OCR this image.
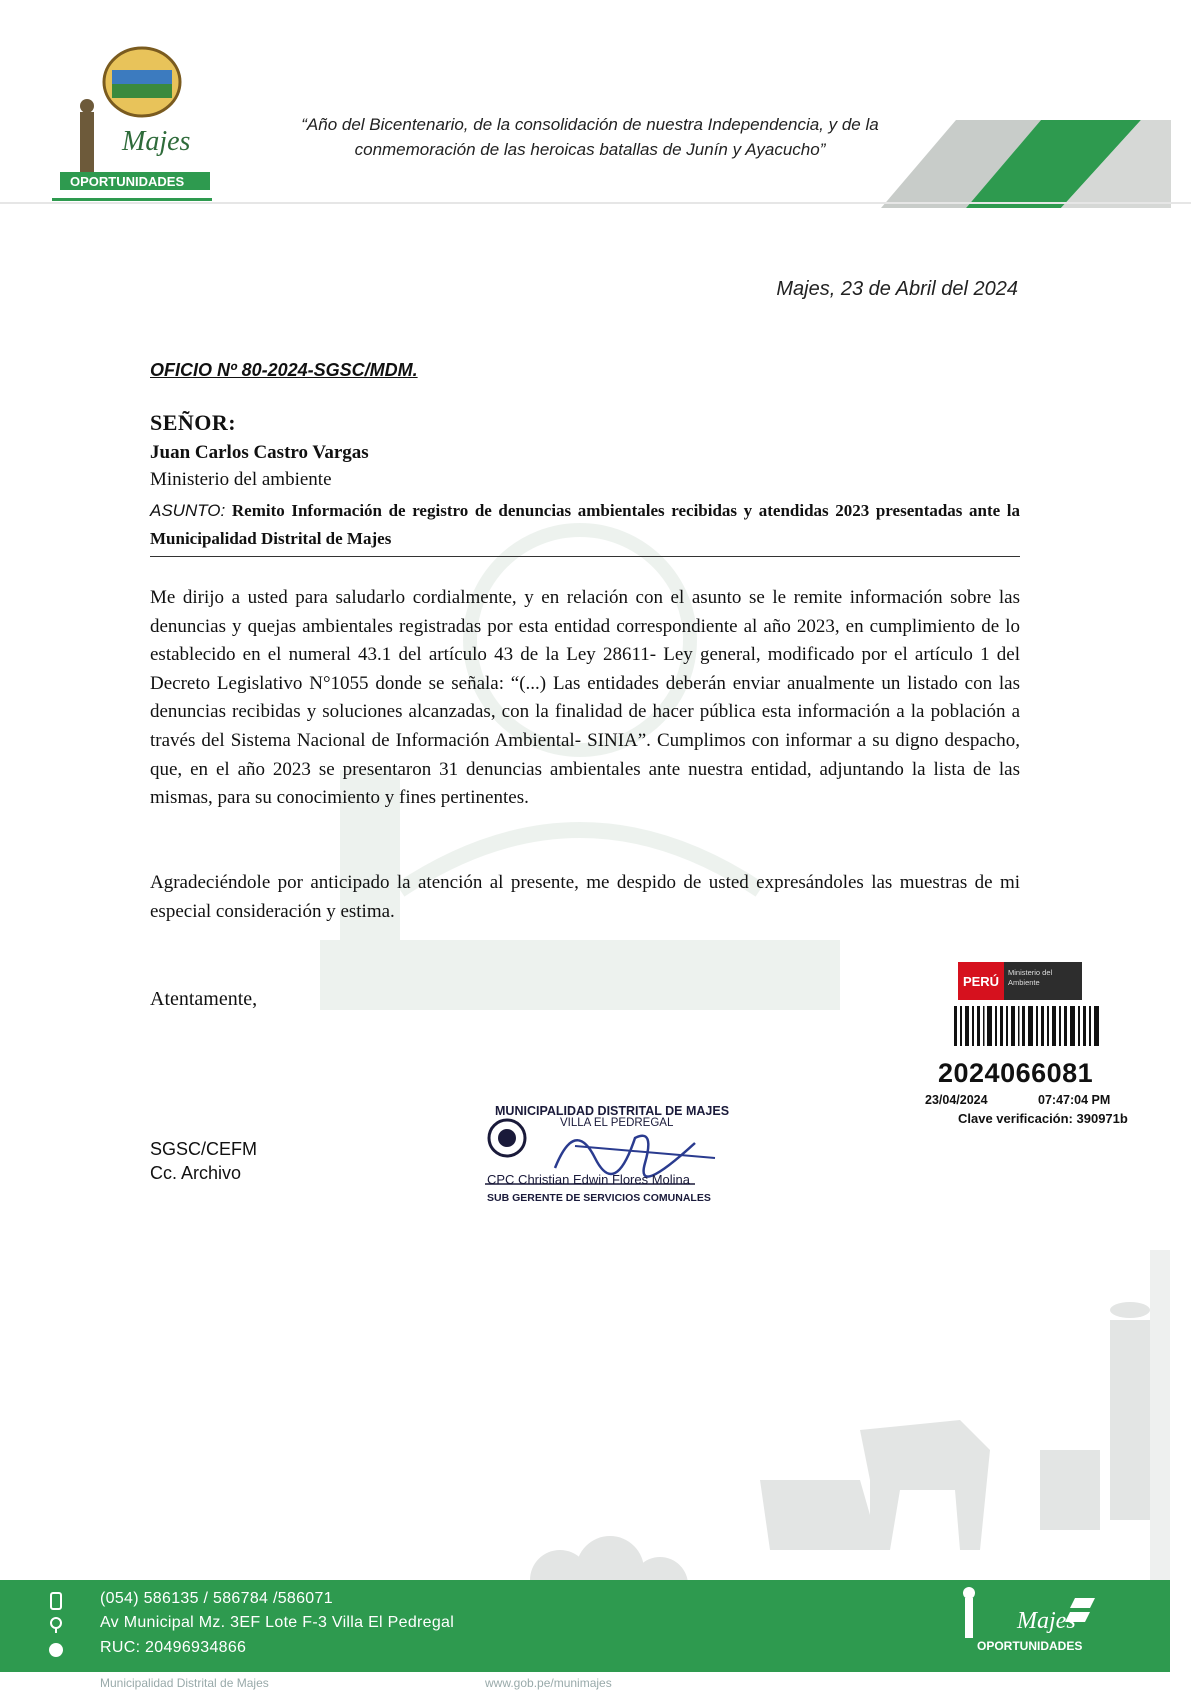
Majes
OPORTUNIDADES
“Año del Bicentenario, de la consolidación de nuestra Independencia, y de la
conmemoración de las heroicas batallas de Junín y Ayacucho”
Majes, 23 de Abril del 2024
OFICIO Nº 80-2024-SGSC/MDM.
SEÑOR:
Juan Carlos Castro Vargas
Ministerio del ambiente
ASUNTO: Remito Información de registro de denuncias ambientales recibidas y atendidas 2023 presentadas ante la Municipalidad Distrital de Majes
Me dirijo a usted para saludarlo cordialmente, y en relación con el asunto se le remite información sobre las denuncias y quejas ambientales registradas por esta entidad correspondiente al año 2023, en cumplimiento de lo establecido en el numeral 43.1 del artículo 43 de la Ley 28611- Ley general, modificado por el artículo 1 del Decreto Legislativo N°1055 donde se señala: “(...) Las entidades deberán enviar anualmente un listado con las denuncias recibidas y soluciones alcanzadas, con la finalidad de hacer pública esta información a la población a través del Sistema Nacional de Información Ambiental- SINIA”. Cumplimos con informar a su digno despacho, que, en el año 2023 se presentaron 31 denuncias ambientales ante nuestra entidad, adjuntando la lista de las mismas, para su conocimiento y fines pertinentes.
Agradeciéndole por anticipado la atención al presente, me despido de usted expresándoles las muestras de mi especial consideración y estima.
Atentamente,
SGSC/CEFM
Cc. Archivo
MUNICIPALIDAD DISTRITAL DE MAJES
VILLA EL PEDREGAL
CPC Christian Edwin Flores Molina
SUB GERENTE DE SERVICIOS COMUNALES
PERÚ
Ministerio del Ambiente
2024066081
23/04/2024	07:47:04 PM
Clave verificación: 390971b
(054) 586135 / 586784 /586071
Av Municipal Mz. 3EF Lote F-3 Villa El Pedregal
RUC: 20496934866
Majes
OPORTUNIDADES
Municipalidad Distrital de Majes	www.gob.pe/munimajes
